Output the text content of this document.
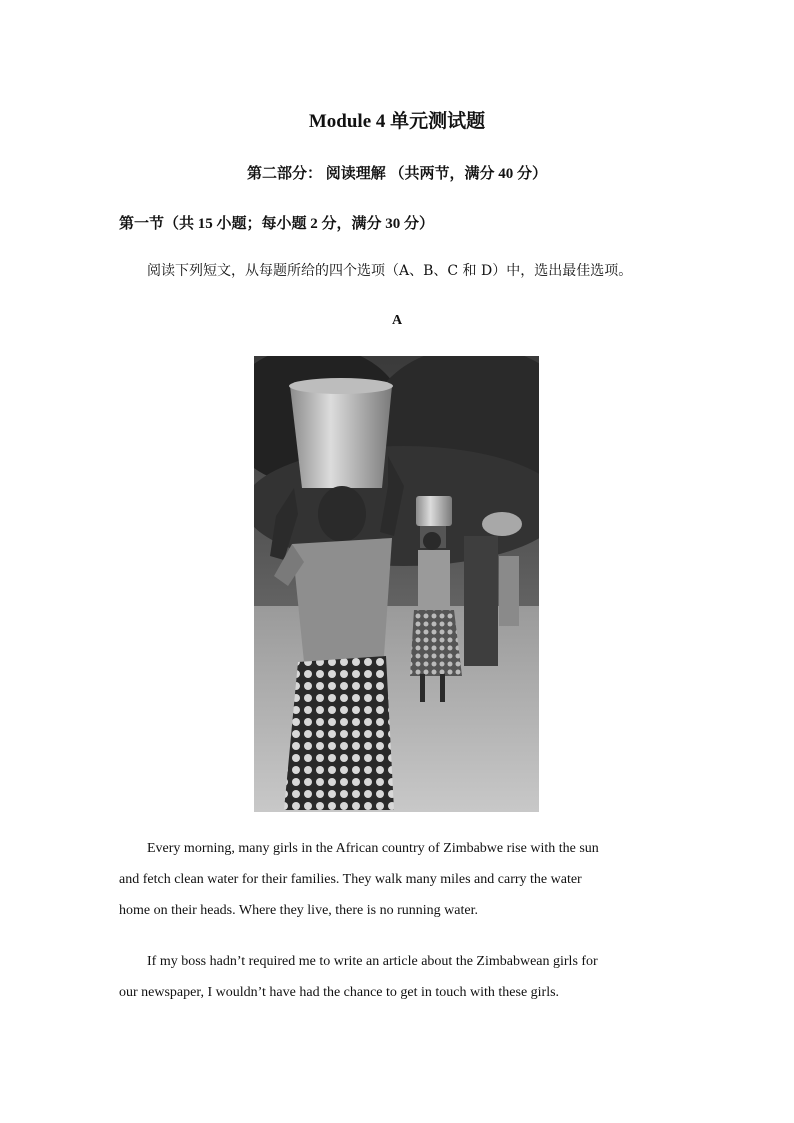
Module 4 单元测试题
第二部分： 阅读理解 （共两节，满分 40 分）
第一节（共 15 小题；每小题 2 分，满分 30 分）
阅读下列短文，从每题所给的四个选项（A、B、C 和 D）中，选出最佳选项。
A
Every morning, many girls in the African country of Zimbabwe rise with the sun
and fetch clean water for their families. They walk many miles and carry the water
home on their heads. Where they live, there is no running water.
If my boss hadn’t required me to write an article about the Zimbabwean girls for
our newspaper, I wouldn’t have had the chance to get in touch with these girls.
